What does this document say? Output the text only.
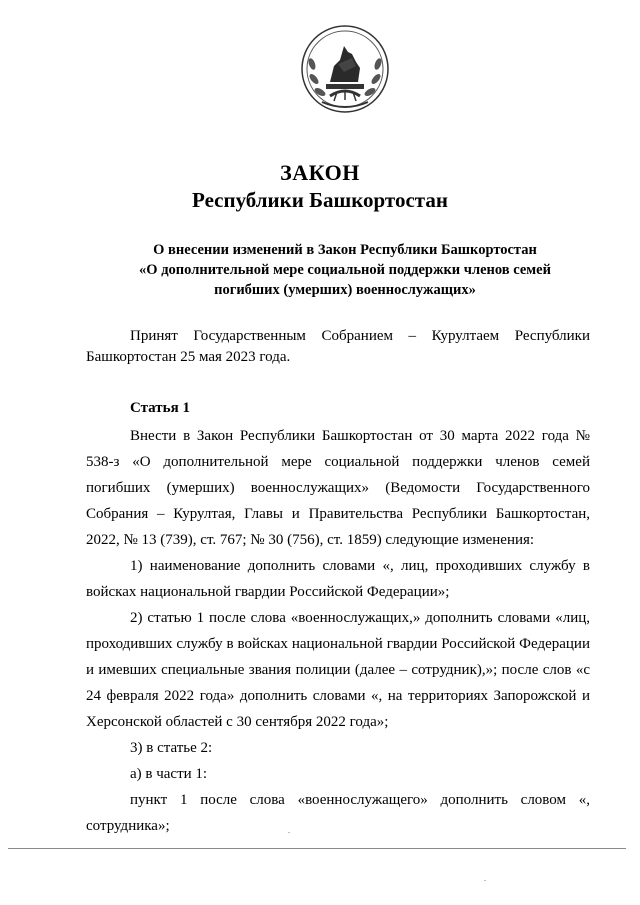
ЗАКОН
Республики Башкортостан
О внесении изменений в Закон Республики Башкортостан
«О дополнительной мере социальной поддержки членов семей
погибших (умерших) военнослужащих»
Принят Государственным Собранием – Курултаем Республики Башкортостан 25 мая 2023 года.
Статья 1

Внести в Закон Республики Башкортостан от 30 марта 2022 года № 538-з «О дополнительной мере социальной поддержки членов семей погибших (умерших) военнослужащих» (Ведомости Государственного Собрания – Курултая, Главы и Правительства Республики Башкортостан, 2022, № 13 (739), ст. 767; № 30 (756), ст. 1859) следующие изменения:

1) наименование дополнить словами «, лиц, проходивших службу в войсках национальной гвардии Российской Федерации»;

2) статью 1 после слова «военнослужащих,» дополнить словами «лиц, проходивших службу в войсках национальной гвардии Российской Федерации и имевших специальные звания полиции (далее – сотрудник),»; после слов «с 24 февраля 2022 года» дополнить словами «, на территориях Запорожской и Херсонской областей с 30 сентября 2022 года»;

3) в статье 2:

а) в части 1:

пункт 1 после слова «военнослужащего» дополнить словом «, сотрудника»;
